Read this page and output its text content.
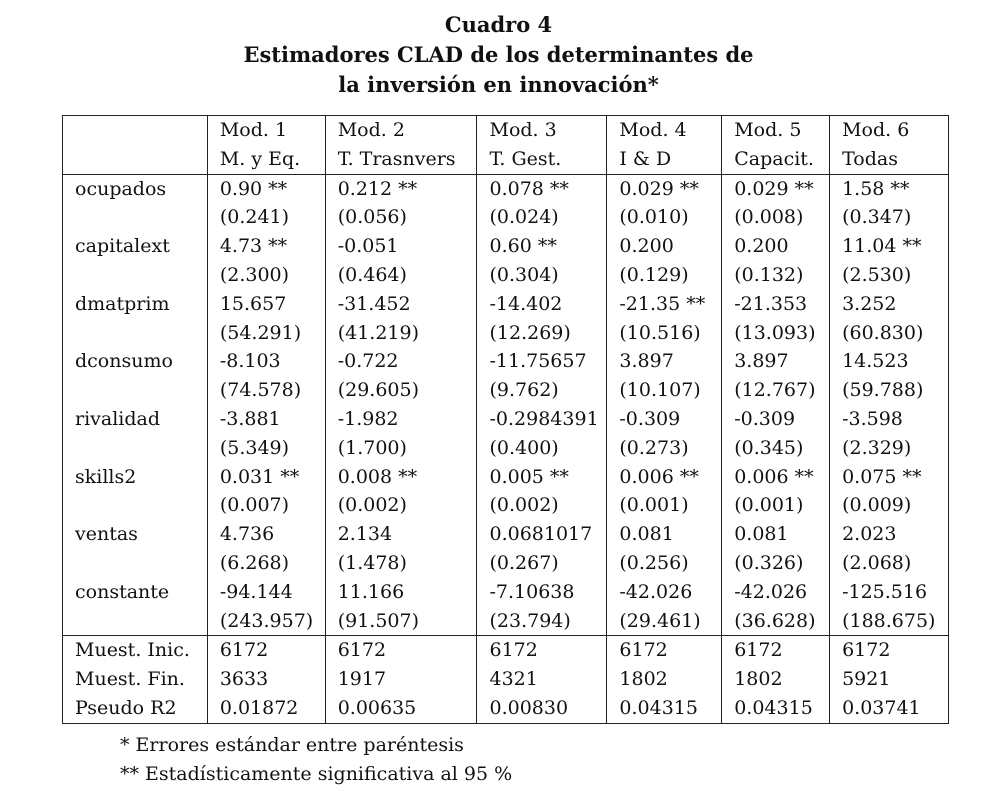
Cuadro 4
Estimadores CLAD de los determinantes de
la inversión en innovación*
	Mod. 1	Mod. 2	Mod. 3	Mod. 4	Mod. 5	Mod. 6
	M. y Eq.	T. Trasnvers	T. Gest.	I & D	Capacit.	Todas
ocupados	0.90 **	0.212 **	0.078 **	0.029 **	0.029 **	1.58 **
	(0.241)	(0.056)	(0.024)	(0.010)	(0.008)	(0.347)
capitalext	4.73 **	-0.051	0.60 **	0.200	0.200	11.04 **
	(2.300)	(0.464)	(0.304)	(0.129)	(0.132)	(2.530)
dmatprim	15.657	-31.452	-14.402	-21.35 **	-21.353	3.252
	(54.291)	(41.219)	(12.269)	(10.516)	(13.093)	(60.830)
dconsumo	-8.103	-0.722	-11.75657	3.897	3.897	14.523
	(74.578)	(29.605)	(9.762)	(10.107)	(12.767)	(59.788)
rivalidad	-3.881	-1.982	-0.2984391	-0.309	-0.309	-3.598
	(5.349)	(1.700)	(0.400)	(0.273)	(0.345)	(2.329)
skills2	0.031 **	0.008 **	0.005 **	0.006 **	0.006 **	0.075 **
	(0.007)	(0.002)	(0.002)	(0.001)	(0.001)	(0.009)
ventas	4.736	2.134	0.0681017	0.081	0.081	2.023
	(6.268)	(1.478)	(0.267)	(0.256)	(0.326)	(2.068)
constante	-94.144	11.166	-7.10638	-42.026	-42.026	-125.516
	(243.957)	(91.507)	(23.794)	(29.461)	(36.628)	(188.675)
Muest. Inic.	6172	6172	6172	6172	6172	6172
Muest. Fin.	3633	1917	4321	1802	1802	5921
Pseudo R2	0.01872	0.00635	0.00830	0.04315	0.04315	0.03741
* Errores estándar entre paréntesis
** Estadísticamente significativa al 95 %
